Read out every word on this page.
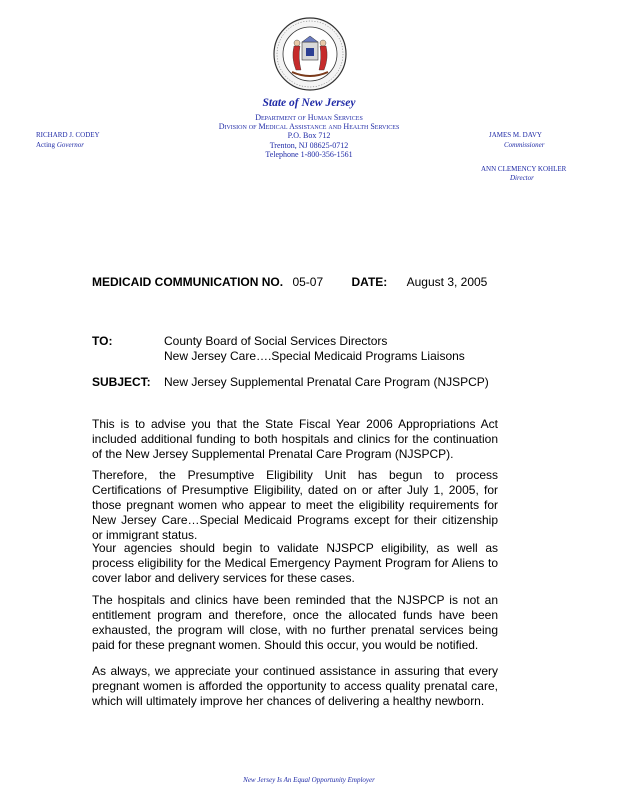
State of New Jersey
Department of Human Services
Division of Medical Assistance and Health Services
P.O. Box 712
Trenton, NJ 08625-0712
Telephone 1-800-356-1561
RICHARD J. CODEY
Acting Governor
JAMES M. DAVY
Commissioner
ANN CLEMENCY KOHLER
Director
MEDICAID COMMUNICATION NO. 05-07 DATE: August 3, 2005
TO:	County Board of Social Services Directors
New Jersey Care….Special Medicaid Programs Liaisons
SUBJECT: New Jersey Supplemental Prenatal Care Program (NJSPCP)
This is to advise you that the State Fiscal Year 2006 Appropriations Act included additional funding to both hospitals and clinics for the continuation of the New Jersey Supplemental Prenatal Care Program (NJSPCP).
Therefore, the Presumptive Eligibility Unit has begun to process Certifications of Presumptive Eligibility, dated on or after July 1, 2005, for those pregnant women who appear to meet the eligibility requirements for New Jersey Care…Special Medicaid Programs except for their citizenship or immigrant status.
Your agencies should begin to validate NJSPCP eligibility, as well as process eligibility for the Medical Emergency Payment Program for Aliens to cover labor and delivery services for these cases.
The hospitals and clinics have been reminded that the NJSPCP is not an entitlement program and therefore, once the allocated funds have been exhausted, the program will close, with no further prenatal services being paid for these pregnant women. Should this occur, you would be notified.
As always, we appreciate your continued assistance in assuring that every pregnant women is afforded the opportunity to access quality prenatal care, which will ultimately improve her chances of delivering a healthy newborn.
New Jersey Is An Equal Opportunity Employer
